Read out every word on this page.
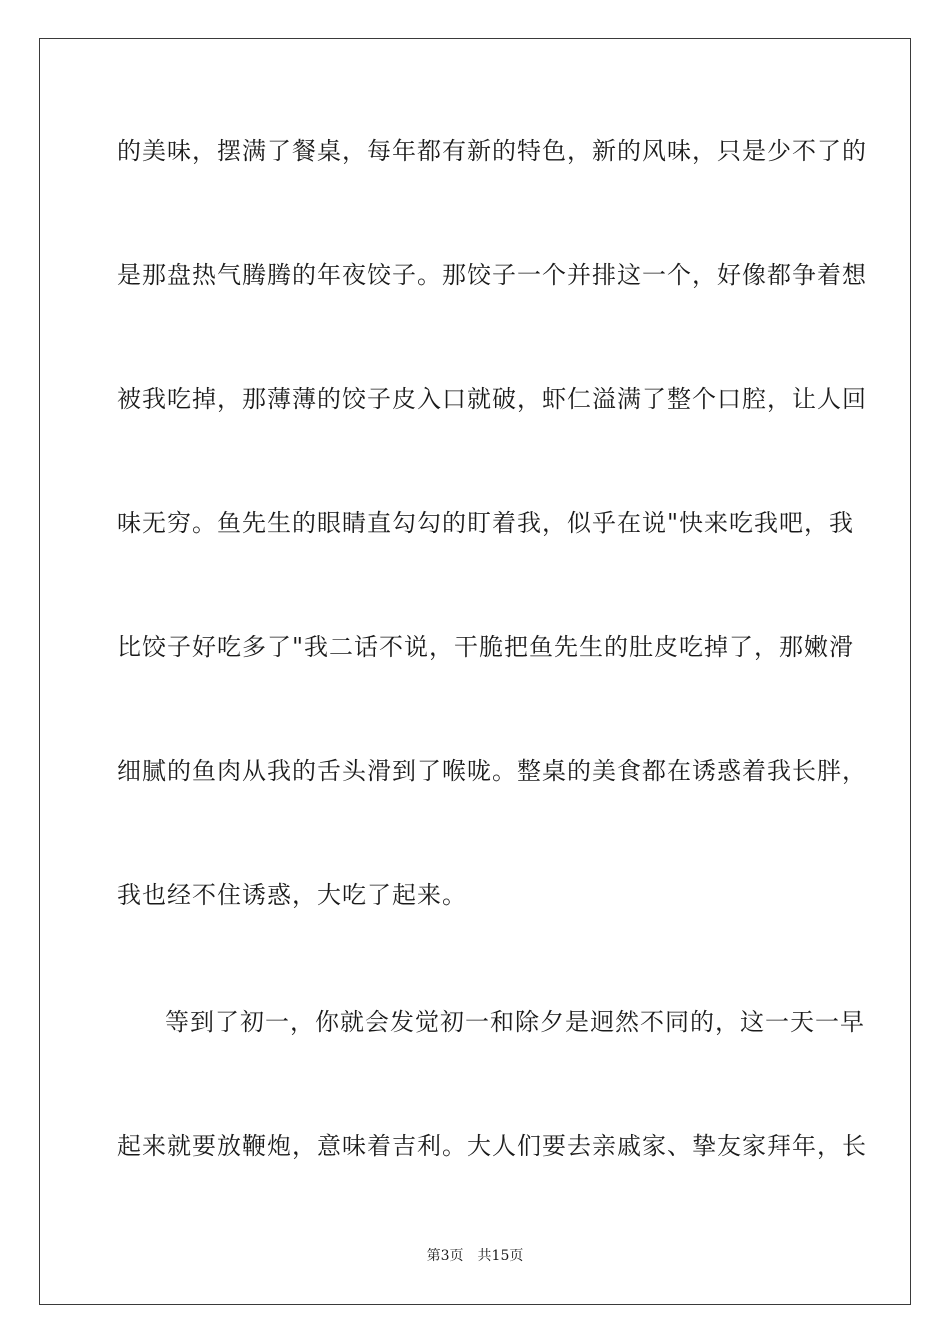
的美味，摆满了餐桌，每年都有新的特色，新的风味，只是少不了的
是那盘热气腾腾的年夜饺子。那饺子一个并排这一个，好像都争着想
被我吃掉，那薄薄的饺子皮入口就破，虾仁溢满了整个口腔，让人回
味无穷。鱼先生的眼睛直勾勾的盯着我，似乎在说"快来吃我吧，我
比饺子好吃多了"我二话不说，干脆把鱼先生的肚皮吃掉了，那嫩滑
细腻的鱼肉从我的舌头滑到了喉咙。整桌的美食都在诱惑着我长胖，
我也经不住诱惑，大吃了起来。
等到了初一，你就会发觉初一和除夕是迥然不同的，这一天一早
起来就要放鞭炮，意味着吉利。大人们要去亲戚家、挚友家拜年，长
第3页 共15页
